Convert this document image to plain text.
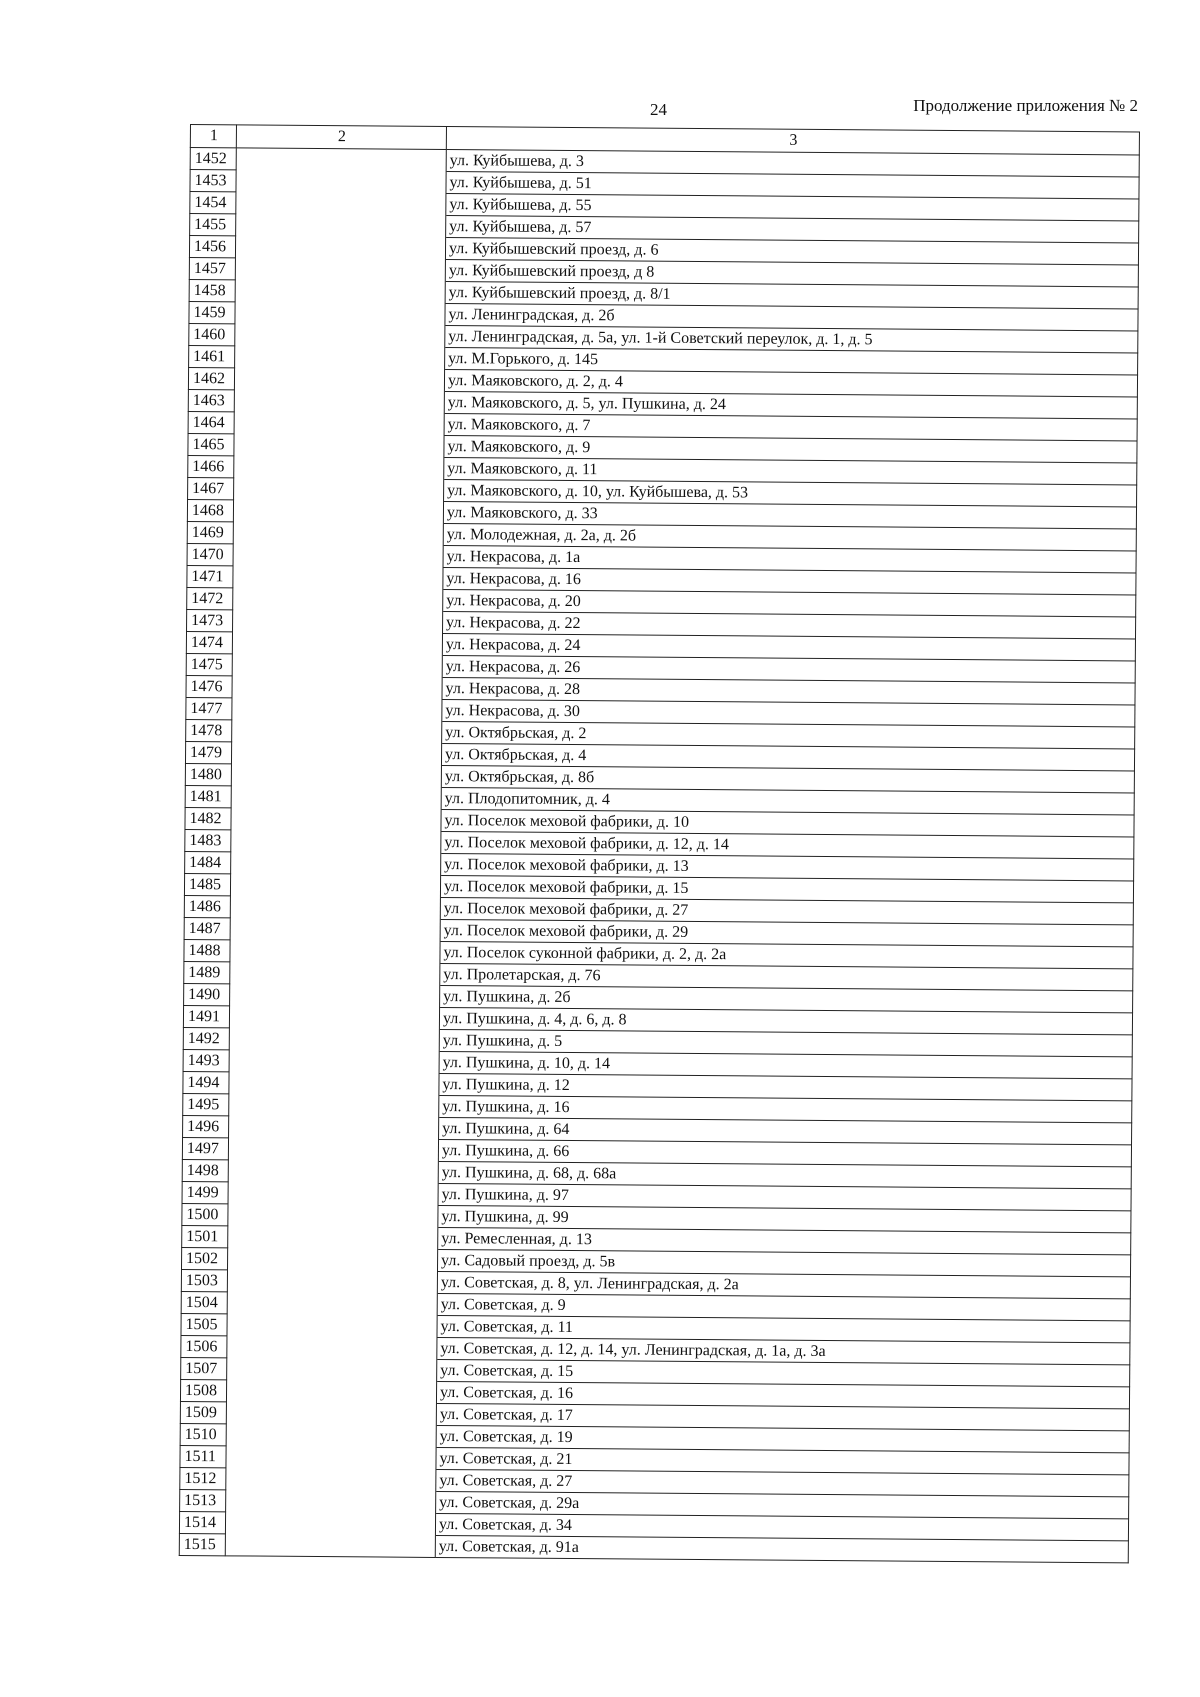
24	Продолжение приложения № 2
1	2	3
1452		ул. Куйбышева, д. 3
1453		ул. Куйбышева, д. 51
1454		ул. Куйбышева, д. 55
1455		ул. Куйбышева, д. 57
1456		ул. Куйбышевский проезд, д. 6
1457		ул. Куйбышевский проезд, д 8
1458		ул. Куйбышевский проезд, д. 8/1
1459		ул. Ленинградская, д. 2б
1460		ул. Ленинградская, д. 5а, ул. 1-й Советский переулок, д. 1, д. 5
1461		ул. М.Горького, д. 145
1462		ул. Маяковского, д. 2, д. 4
1463		ул. Маяковского, д. 5, ул. Пушкина, д. 24
1464		ул. Маяковского, д. 7
1465		ул. Маяковского, д. 9
1466		ул. Маяковского, д. 11
1467		ул. Маяковского, д. 10, ул. Куйбышева, д. 53
1468		ул. Маяковского, д. 33
1469		ул. Молодежная, д. 2а, д. 2б
1470		ул. Некрасова, д. 1а
1471		ул. Некрасова, д. 16
1472		ул. Некрасова, д. 20
1473		ул. Некрасова, д. 22
1474		ул. Некрасова, д. 24
1475		ул. Некрасова, д. 26
1476		ул. Некрасова, д. 28
1477		ул. Некрасова, д. 30
1478		ул. Октябрьская, д. 2
1479		ул. Октябрьская, д. 4
1480		ул. Октябрьская, д. 8б
1481		ул. Плодопитомник, д. 4
1482		ул. Поселок меховой фабрики, д. 10
1483		ул. Поселок меховой фабрики, д. 12, д. 14
1484		ул. Поселок меховой фабрики, д. 13
1485		ул. Поселок меховой фабрики, д. 15
1486		ул. Поселок меховой фабрики, д. 27
1487		ул. Поселок меховой фабрики, д. 29
1488		ул. Поселок суконной фабрики, д. 2, д. 2а
1489		ул. Пролетарская, д. 76
1490		ул. Пушкина, д. 2б
1491		ул. Пушкина, д. 4, д. 6, д. 8
1492		ул. Пушкина, д. 5
1493		ул. Пушкина, д. 10, д. 14
1494		ул. Пушкина, д. 12
1495		ул. Пушкина, д. 16
1496		ул. Пушкина, д. 64
1497		ул. Пушкина, д. 66
1498		ул. Пушкина, д. 68, д. 68а
1499		ул. Пушкина, д. 97
1500		ул. Пушкина, д. 99
1501		ул. Ремесленная, д. 13
1502		ул. Садовый проезд, д. 5в
1503		ул. Советская, д. 8, ул. Ленинградская, д. 2а
1504		ул. Советская, д. 9
1505		ул. Советская, д. 11
1506		ул. Советская, д. 12, д. 14, ул. Ленинградская, д. 1а, д. 3а
1507		ул. Советская, д. 15
1508		ул. Советская, д. 16
1509		ул. Советская, д. 17
1510		ул. Советская, д. 19
1511		ул. Советская, д. 21
1512		ул. Советская, д. 27
1513		ул. Советская, д. 29а
1514		ул. Советская, д. 34
1515		ул. Советская, д. 91а
